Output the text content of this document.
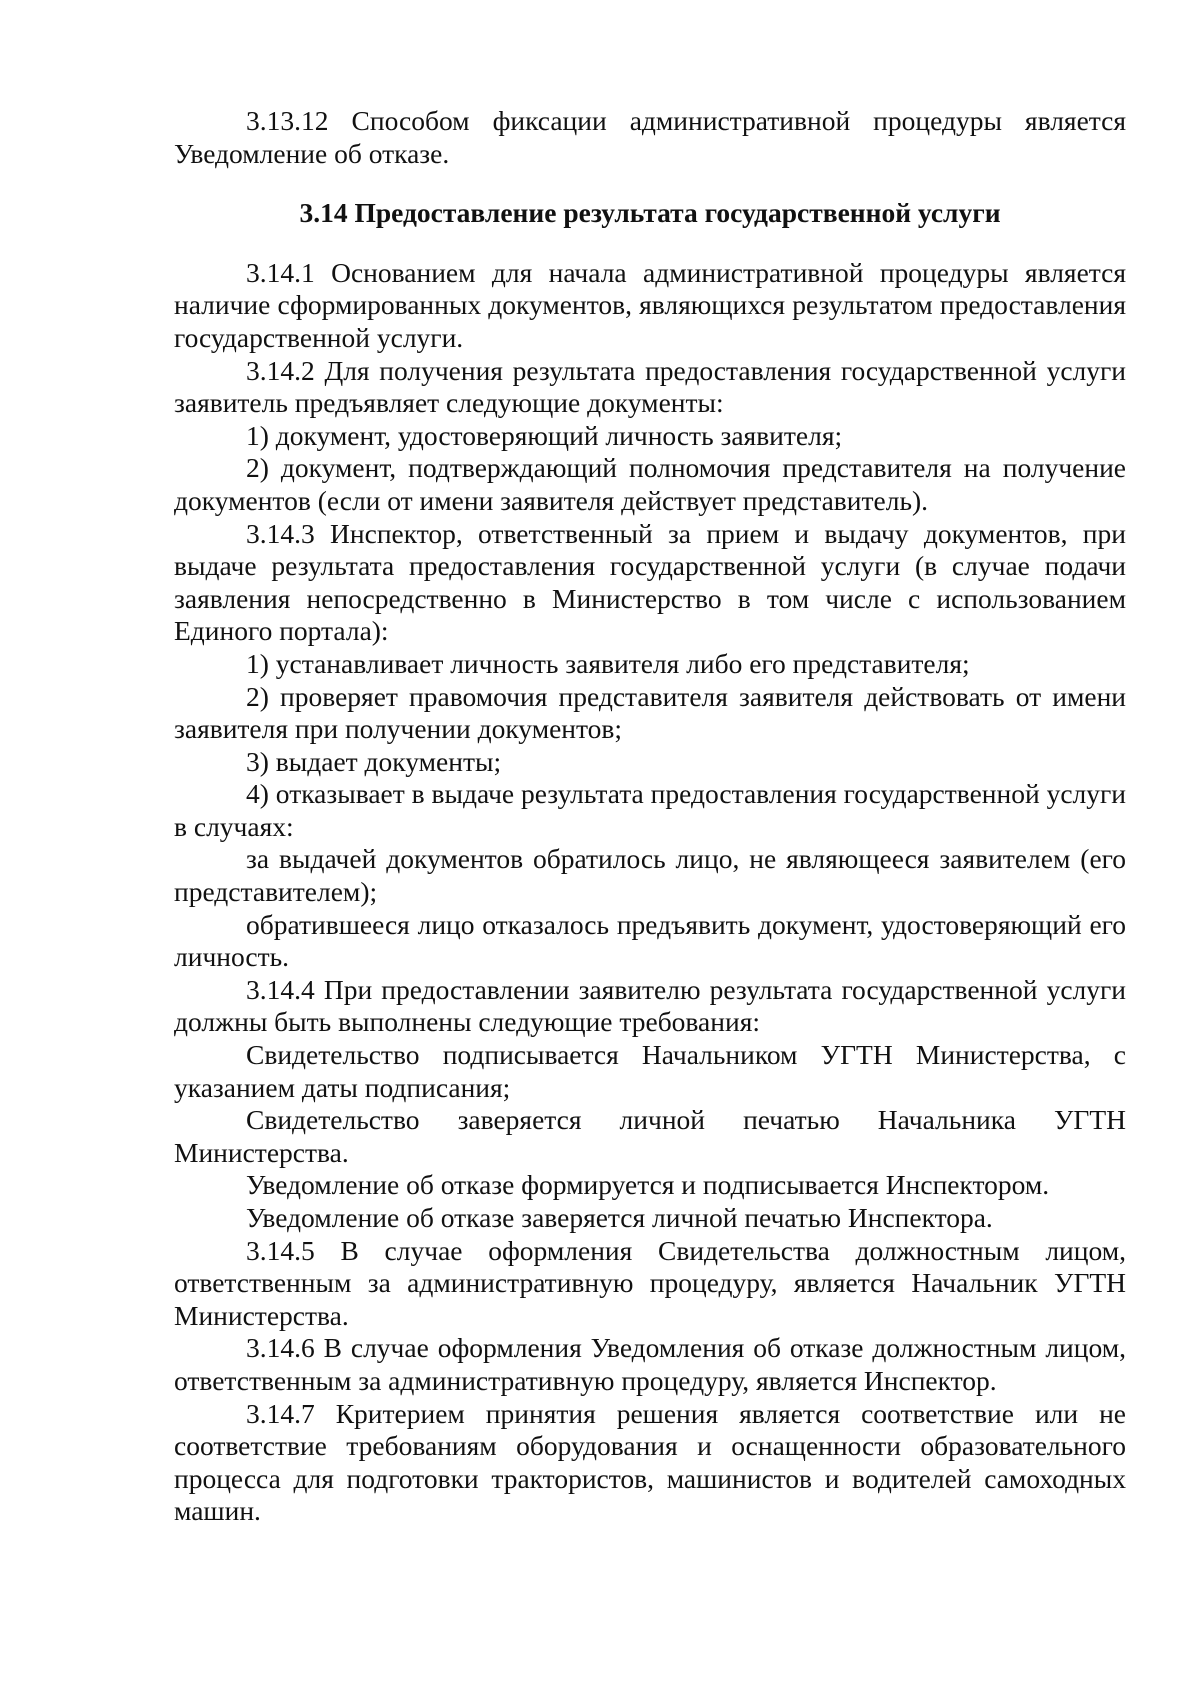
3.13.12 Способом фиксации административной процедуры является Уведомление об отказе.

3.14 Предоставление результата государственной услуги

3.14.1 Основанием для начала административной процедуры является наличие сформированных документов, являющихся результатом предоставления государственной услуги.

3.14.2 Для получения результата предоставления государственной услуги заявитель предъявляет следующие документы:

1) документ, удостоверяющий личность заявителя;

2) документ, подтверждающий полномочия представителя на получение документов (если от имени заявителя действует представитель).

3.14.3 Инспектор, ответственный за прием и выдачу документов, при выдаче результата предоставления государственной услуги (в случае подачи заявления непосредственно в Министерство в том числе с использованием Единого портала):

1) устанавливает личность заявителя либо его представителя;

2) проверяет правомочия представителя заявителя действовать от имени заявителя при получении документов;

3) выдает документы;

4) отказывает в выдаче результата предоставления государственной услуги в случаях:

за выдачей документов обратилось лицо, не являющееся заявителем (его представителем);

обратившееся лицо отказалось предъявить документ, удостоверяющий его личность.

3.14.4 При предоставлении заявителю результата государственной услуги должны быть выполнены следующие требования:

Свидетельство подписывается Начальником УГТН Министерства, с указанием даты подписания;

Свидетельство заверяется личной печатью Начальника УГТН Министерства.

Уведомление об отказе формируется и подписывается Инспектором.

Уведомление об отказе заверяется личной печатью Инспектора.

3.14.5 В случае оформления Свидетельства должностным лицом, ответственным за административную процедуру, является Начальник УГТН Министерства.

3.14.6 В случае оформления Уведомления об отказе должностным лицом, ответственным за административную процедуру, является Инспектор.

3.14.7 Критерием принятия решения является соответствие или не соответствие требованиям оборудования и оснащенности образовательного процесса для подготовки трактористов, машинистов и водителей самоходных машин.
